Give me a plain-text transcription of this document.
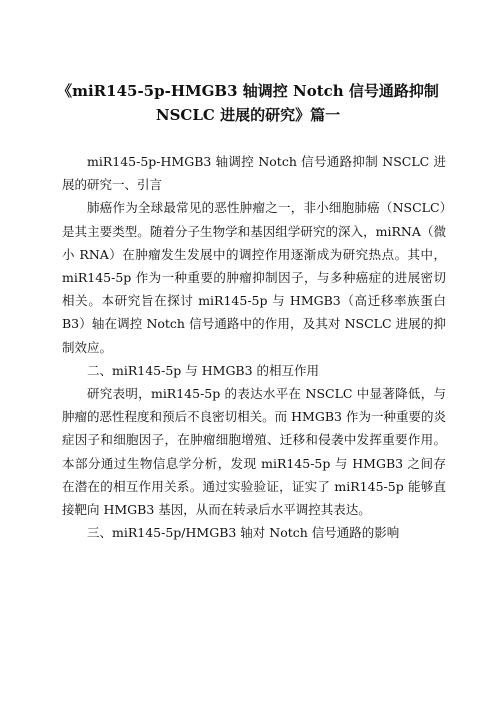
《miR145-5p-HMGB3 轴调控 Notch 信号通路抑制
NSCLC 进展的研究》篇一

miR145-5p-HMGB3 轴调控 Notch 信号通路抑制 NSCLC 进展的研究一、引言

肺癌作为全球最常见的恶性肿瘤之一，非小细胞肺癌（NSCLC）是其主要类型。随着分子生物学和基因组学研究的深入，miRNA（微小 RNA）在肿瘤发生发展中的调控作用逐渐成为研究热点。其中，miR145-5p 作为一种重要的肿瘤抑制因子，与多种癌症的进展密切相关。本研究旨在探讨 miR145-5p 与 HMGB3（高迁移率族蛋白 B3）轴在调控 Notch 信号通路中的作用，及其对 NSCLC 进展的抑制效应。

二、miR145-5p 与 HMGB3 的相互作用

研究表明，miR145-5p 的表达水平在 NSCLC 中显著降低，与肿瘤的恶性程度和预后不良密切相关。而 HMGB3 作为一种重要的炎症因子和细胞因子，在肿瘤细胞增殖、迁移和侵袭中发挥重要作用。本部分通过生物信息学分析，发现 miR145-5p 与 HMGB3 之间存在潜在的相互作用关系。通过实验验证，证实了 miR145-5p 能够直接靶向 HMGB3 基因，从而在转录后水平调控其表达。

三、miR145-5p/HMGB3 轴对 Notch 信号通路的影响
